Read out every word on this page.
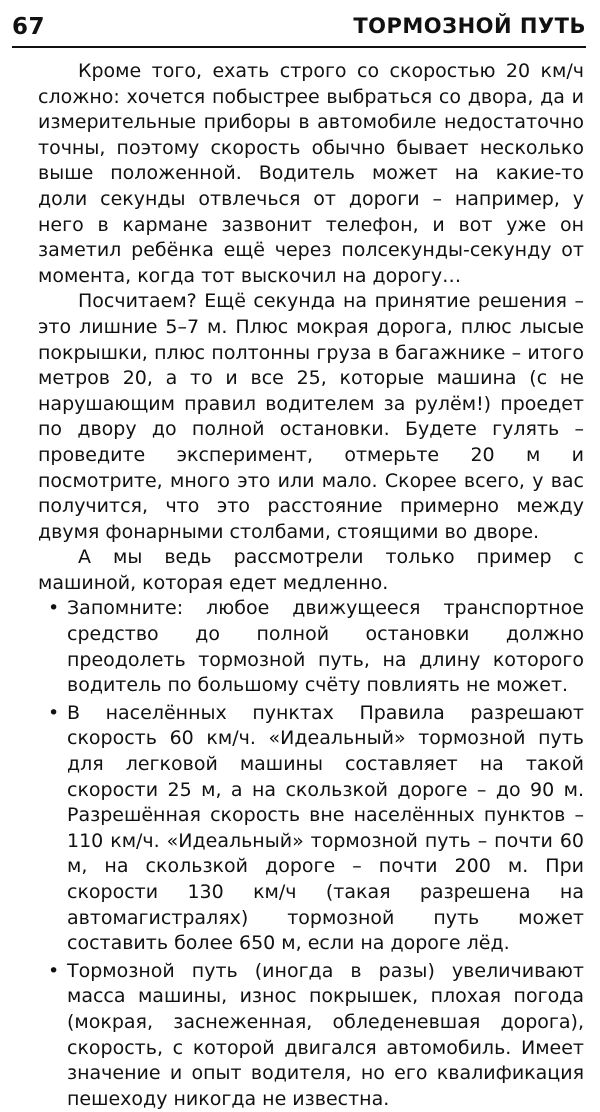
67	ТОРМОЗНОЙ ПУТЬ

Кроме того, ехать строго со скоростью 20 км/ч сложно: хочется побыстрее выбраться со двора, да и измерительные приборы в автомобиле недостаточно точны, поэтому скорость обычно бывает несколько выше положенной. Водитель может на какие-то доли секунды отвлечься от дороги – например, у него в кармане зазвонит телефон, и вот уже он заметил ребёнка ещё через полсекунды-секунду от момента, когда тот выскочил на дорогу…

Посчитаем? Ещё секунда на принятие решения – это лишние 5–7 м. Плюс мокрая дорога, плюс лысые покрышки, плюс полтонны груза в багажнике – итого метров 20, а то и все 25, которые машина (с не нарушающим правил водителем за рулём!) проедет по двору до полной остановки. Будете гулять – проведите эксперимент, отмерьте 20 м и посмотрите, много это или мало. Скорее всего, у вас получится, что это расстояние примерно между двумя фонарными столбами, стоящими во дворе.

А мы ведь рассмотрели только пример с машиной, которая едет медленно.

• Запомните: любое движущееся транспортное средство до полной остановки должно преодолеть тормозной путь, на длину которого водитель по большому счёту повлиять не может.
• В населённых пунктах Правила разрешают скорость 60 км/ч. «Идеальный» тормозной путь для легковой машины составляет на такой скорости 25 м, а на скользкой дороге – до 90 м. Разрешённая скорость вне населённых пунктов – 110 км/ч. «Идеальный» тормозной путь – почти 60 м, на скользкой дороге – почти 200 м. При скорости 130 км/ч (такая разрешена на автомагистралях) тормозной путь может составить более 650 м, если на дороге лёд.
• Тормозной путь (иногда в разы) увеличивают масса машины, износ покрышек, плохая погода (мокрая, заснеженная, обледеневшая дорога), скорость, с которой двигался автомобиль. Имеет значение и опыт водителя, но его квалификация пешеходу никогда не известна.
